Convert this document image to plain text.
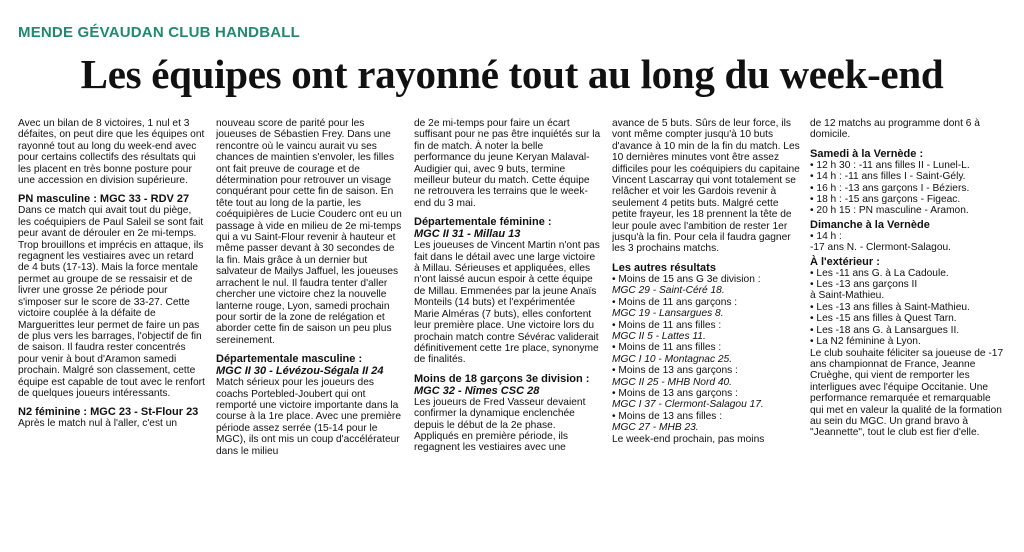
MENDE GÉVAUDAN CLUB HANDBALL
Les équipes ont rayonné tout au long du week-end

Avec un bilan de 8 victoires, 1 nul et 3 défaites, on peut dire que les équipes ont rayonné tout au long du week-end avec pour certains collectifs des résultats qui les placent en très bonne posture pour une accession en division supérieure.

PN masculine : MGC 33 - RDV 27

Dans ce match qui avait tout du piège, les coéquipiers de Paul Saleil se sont fait peur avant de dérouler en 2e mi-temps. Trop brouillons et imprécis en attaque, ils regagnent les vestiaires avec un retard de 4 buts (17-13). Mais la force mentale permet au groupe de se ressaisir et de livrer une grosse 2e période pour s'imposer sur le score de 33-27. Cette victoire couplée à la défaite de Marguerittes leur permet de faire un pas de plus vers les barrages, l'objectif de fin de saison. Il faudra rester concentrés pour venir à bout d'Aramon samedi prochain. Malgré son classement, cette équipe est capable de tout avec le renfort de quelques joueurs intéressants.

N2 féminine : MGC 23 - St-Flour 23

Après le match nul à l'aller, c'est un

nouveau score de parité pour les joueuses de Sébastien Frey. Dans une rencontre où le vaincu aurait vu ses chances de maintien s'envoler, les filles ont fait preuve de courage et de détermination pour retrouver un visage conquérant pour cette fin de saison. En tête tout au long de la partie, les coéquipières de Lucie Couderc ont eu un passage à vide en milieu de 2e mi-temps qui a vu Saint-Flour revenir à hauteur et même passer devant à 30 secondes de la fin. Mais grâce à un dernier but salvateur de Mailys Jaffuel, les joueuses arrachent le nul. Il faudra tenter d'aller chercher une victoire chez la nouvelle lanterne rouge, Lyon, samedi prochain pour sortir de la zone de relégation et aborder cette fin de saison un peu plus sereinement.

Départementale masculine :

MGC II 30 - Lévézou-Ségala II 24

Match sérieux pour les joueurs des coachs Portebled-Joubert qui ont remporté une victoire importante dans la course à la 1re place. Avec une première période assez serrée (15-14 pour le MGC), ils ont mis un coup d'accélérateur dans le milieu

de 2e mi-temps pour faire un écart suffisant pour ne pas être inquiétés sur la fin de match. À noter la belle performance du jeune Keryan Malaval-Audigier qui, avec 9 buts, termine meilleur buteur du match. Cette équipe ne retrouvera les terrains que le week-end du 3 mai.

Départementale féminine :

MGC II 31 - Millau 13

Les joueuses de Vincent Martin n'ont pas fait dans le détail avec une large victoire à Millau. Sérieuses et appliquées, elles n'ont laissé aucun espoir à cette équipe de Millau. Emmenées par la jeune Anaïs Monteils (14 buts) et l'expérimentée Marie Alméras (7 buts), elles confortent leur première place. Une victoire lors du prochain match contre Sévérac validerait définitivement cette 1re place, synonyme de finalités.

Moins de 18 garçons 3e division :

MGC 32 - Nîmes CSC 28

Les joueurs de Fred Vasseur devaient confirmer la dynamique enclenchée depuis le début de la 2e phase. Appliqués en première période, ils regagnent les vestiaires avec une

avance de 5 buts. Sûrs de leur force, ils vont même compter jusqu'à 10 buts d'avance à 10 min de la fin du match. Les 10 dernières minutes vont être assez difficiles pour les coéquipiers du capitaine Vincent Lascarray qui vont totalement se relâcher et voir les Gardois revenir à seulement 4 petits buts. Malgré cette petite frayeur, les 18 prennent la tête de leur poule avec l'ambition de rester 1er jusqu'à la fin. Pour cela il faudra gagner les 3 prochains matchs.

Les autres résultats

• Moins de 15 ans G 3e division :

MGC 29 - Saint-Céré 18.

• Moins de 11 ans garçons :

MGC 19 - Lansargues 8.

• Moins de 11 ans filles :

MGC II 5 - Lattes 11.

• Moins de 11 ans filles :

MGC I 10 - Montagnac 25.

• Moins de 13 ans garçons :

MGC II 25 - MHB Nord 40.

• Moins de 13 ans garçons :

MGC I 37 - Clermont-Salagou 17.

• Moins de 13 ans filles :

MGC 27 - MHB 23.

Le week-end prochain, pas moins

de 12 matchs au programme dont 6 à domicile.

Samedi à la Vernède :

• 12 h 30 : -11 ans filles II - Lunel-L.

• 14 h : -11 ans filles I - Saint-Gély.

• 16 h : -13 ans garçons I - Béziers.

• 18 h : -15 ans garçons - Figeac.

• 20 h 15 : PN masculine - Aramon.

Dimanche à la Vernède

• 14 h :

-17 ans N. - Clermont-Salagou.

À l'extérieur :

• Les -11 ans G. à La Cadoule.

• Les -13 ans garçons II

à Saint-Mathieu.

• Les -13 ans filles à Saint-Mathieu.

• Les -15 ans filles à Quest Tarn.

• Les -18 ans G. à Lansargues II.

• La N2 féminine à Lyon.

Le club souhaite féliciter sa joueuse de -17 ans championnat de France, Jeanne Cruèghe, qui vient de remporter les interligues avec l'équipe Occitanie. Une performance remarquée et remarquable qui met en valeur la qualité de la formation au sein du MGC. Un grand bravo à "Jeannette", tout le club est fier d'elle.
